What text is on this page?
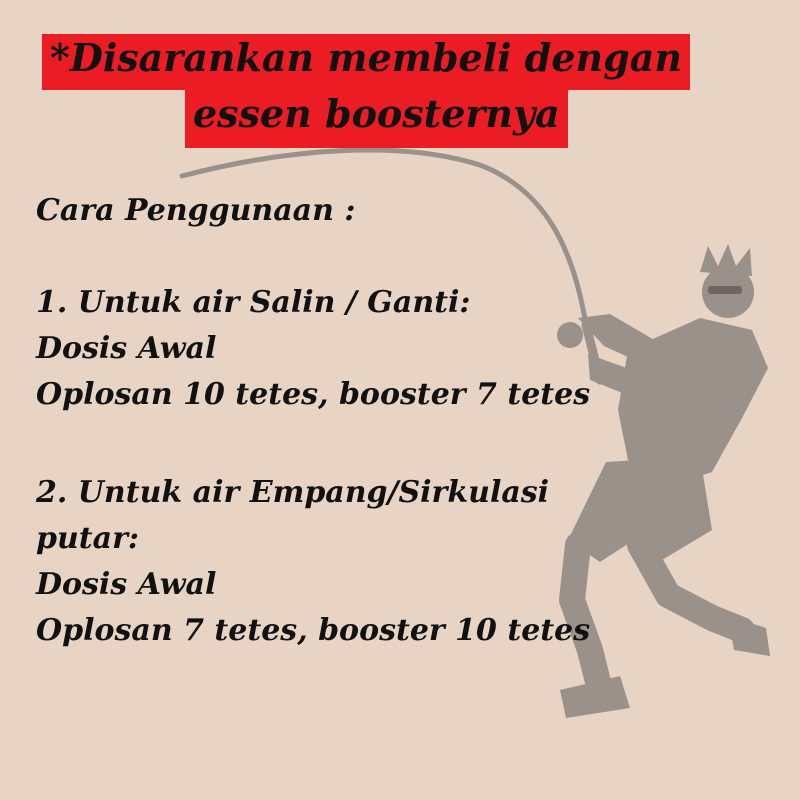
*Disarankan membeli dengan
essen boosternya
Cara Penggunaan :
1. Untuk air Salin / Ganti:
Dosis Awal
Oplosan 10 tetes, booster 7 tetes
2. Untuk air Empang/Sirkulasi
putar:
Dosis Awal
Oplosan 7 tetes, booster 10 tetes
